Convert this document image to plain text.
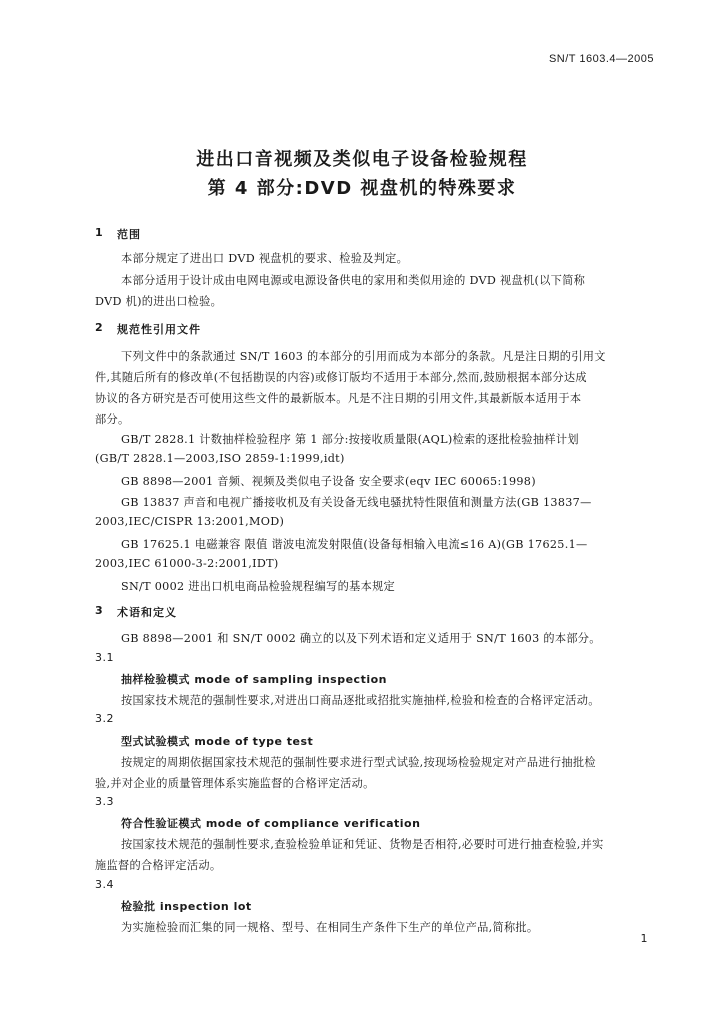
SN/T 1603.4—2005
进出口音视频及类似电子设备检验规程
第 4 部分:DVD 视盘机的特殊要求
1 范围
本部分规定了进出口 DVD 视盘机的要求、检验及判定。
本部分适用于设计成由电网电源或电源设备供电的家用和类似用途的 DVD 视盘机(以下简称
DVD 机)的进出口检验。
2 规范性引用文件
下列文件中的条款通过 SN/T 1603 的本部分的引用而成为本部分的条款。凡是注日期的引用文
件,其随后所有的修改单(不包括勘误的内容)或修订版均不适用于本部分,然而,鼓励根据本部分达成
协议的各方研究是否可使用这些文件的最新版本。凡是不注日期的引用文件,其最新版本适用于本
部分。
GB/T 2828.1 计数抽样检验程序 第 1 部分:按接收质量限(AQL)检索的逐批检验抽样计划
(GB/T 2828.1—2003,ISO 2859-1:1999,idt)
GB 8898—2001 音频、视频及类似电子设备 安全要求(eqv IEC 60065:1998)
GB 13837 声音和电视广播接收机及有关设备无线电骚扰特性限值和测量方法(GB 13837—
2003,IEC/CISPR 13:2001,MOD)
GB 17625.1 电磁兼容 限值 谐波电流发射限值(设备每相输入电流≤16 A)(GB 17625.1—
2003,IEC 61000-3-2:2001,IDT)
SN/T 0002 进出口机电商品检验规程编写的基本规定
3 术语和定义
GB 8898—2001 和 SN/T 0002 确立的以及下列术语和定义适用于 SN/T 1603 的本部分。
3.1
抽样检验模式 mode of sampling inspection
按国家技术规范的强制性要求,对进出口商品逐批或招批实施抽样,检验和检查的合格评定活动。
3.2
型式试验模式 mode of type test
按规定的周期依据国家技术规范的强制性要求进行型式试验,按现场检验规定对产品进行抽批检
验,并对企业的质量管理体系实施监督的合格评定活动。
3.3
符合性验证模式 mode of compliance verification
按国家技术规范的强制性要求,查验检验单证和凭证、货物是否相符,必要时可进行抽查检验,并实
施监督的合格评定活动。
3.4
检验批 inspection lot
为实施检验而汇集的同一规格、型号、在相同生产条件下生产的单位产品,简称批。
1
